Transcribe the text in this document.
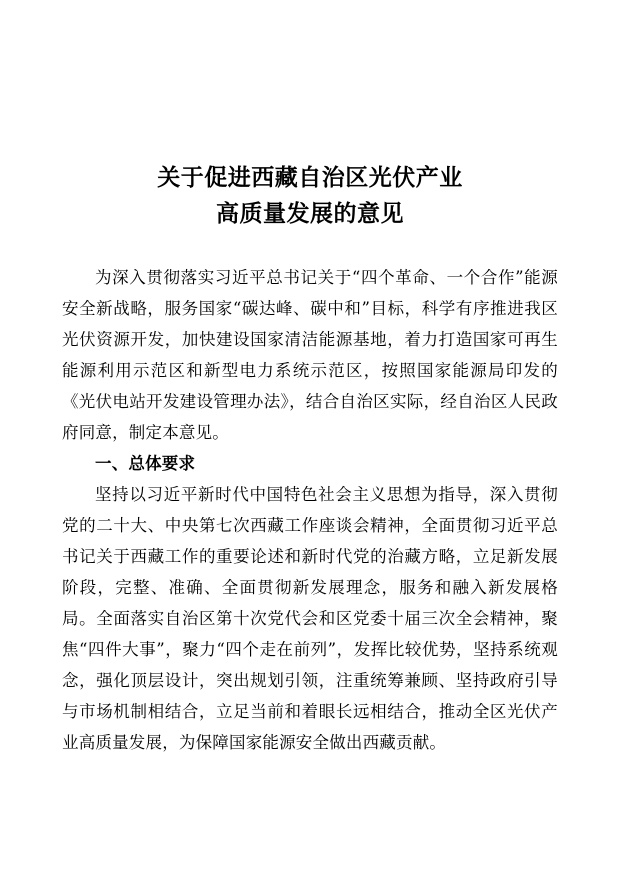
关于促进西藏自治区光伏产业
高质量发展的意见

为深入贯彻落实习近平总书记关于“四个革命、一个合作”能源安全新战略，服务国家“碳达峰、碳中和”目标，科学有序推进我区光伏资源开发，加快建设国家清洁能源基地，着力打造国家可再生能源利用示范区和新型电力系统示范区，按照国家能源局印发的《光伏电站开发建设管理办法》，结合自治区实际，经自治区人民政府同意，制定本意见。

一、总体要求

坚持以习近平新时代中国特色社会主义思想为指导，深入贯彻党的二十大、中央第七次西藏工作座谈会精神，全面贯彻习近平总书记关于西藏工作的重要论述和新时代党的治藏方略，立足新发展阶段，完整、准确、全面贯彻新发展理念，服务和融入新发展格局。全面落实自治区第十次党代会和区党委十届三次全会精神，聚焦“四件大事”，聚力“四个走在前列”，发挥比较优势，坚持系统观念，强化顶层设计，突出规划引领，注重统筹兼顾、坚持政府引导与市场机制相结合，立足当前和着眼长远相结合，推动全区光伏产业高质量发展，为保障国家能源安全做出西藏贡献。
